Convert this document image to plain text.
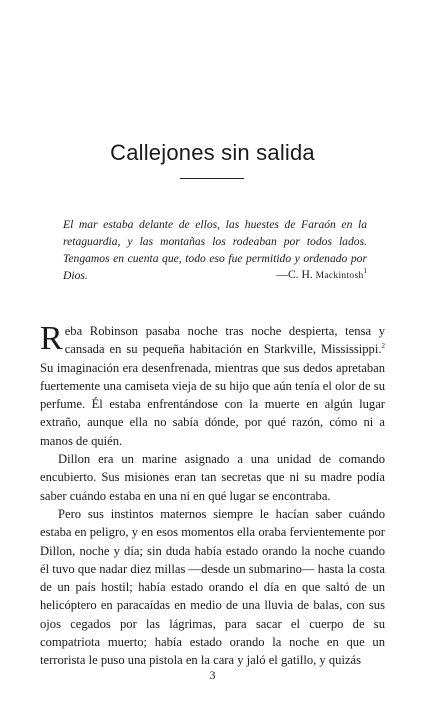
Callejones sin salida

El mar estaba delante de ellos, las huestes de Faraón en la retaguardia, y las montañas los rodeaban por todos lados. Tengamos en cuenta que, todo eso fue permitido y ordenado por Dios.	—C. H. Mackintosh$^1$

Reba Robinson pasaba noche tras noche despierta, tensa y cansada en su pequeña habitación en Starkville, Mississippi.$^2$ Su imaginación era desenfrenada, mientras que sus dedos apretaban fuertemente una camiseta vieja de su hijo que aún tenía el olor de su perfume. Él estaba enfrentándose con la muerte en algún lugar extraño, aunque ella no sabía dónde, por qué razón, cómo ni a manos de quién.

Dillon era un marine asignado a una unidad de comando encubierto. Sus misiones eran tan secretas que ni su madre podía saber cuándo estaba en una ni en qué lugar se encontraba.

Pero sus instintos maternos siempre le hacían saber cuándo estaba en peligro, y en esos momentos ella oraba fervientemente por Dillon, noche y día; sin duda había estado orando la noche cuando él tuvo que nadar diez millas —desde un submarino— hasta la costa de un país hostil; había estado orando el día en que saltó de un helicóptero en paracaídas en medio de una lluvia de balas, con sus ojos cegados por las lágrimas, para sacar el cuerpo de su compatriota muerto; había estado orando la noche en que un terrorista le puso una pistola en la cara y jaló el gatillo, y quizás

3
